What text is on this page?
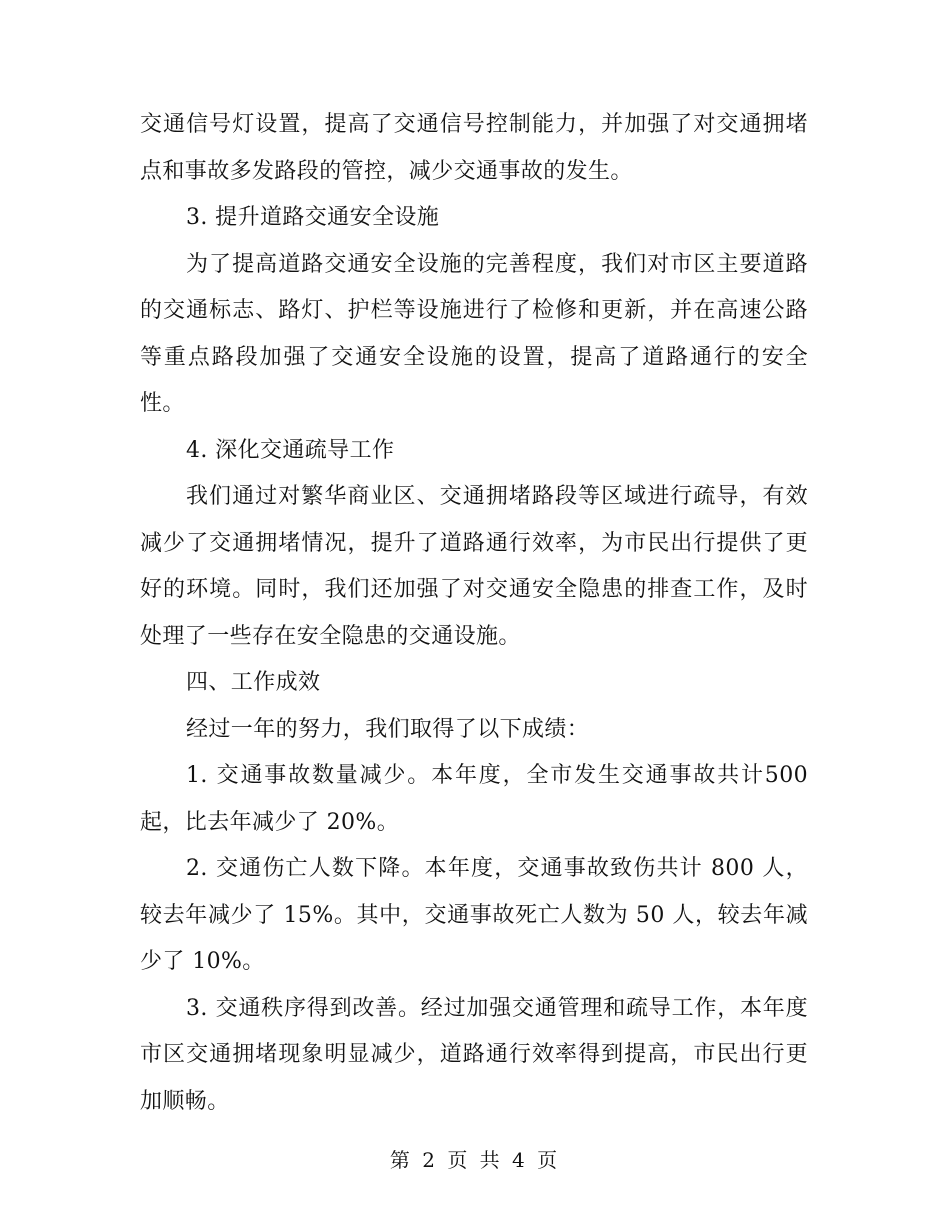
交通信号灯设置，提高了交通信号控制能力，并加强了对交通拥堵点和事故多发路段的管控，减少交通事故的发生。

3. 提升道路交通安全设施

为了提高道路交通安全设施的完善程度，我们对市区主要道路的交通标志、路灯、护栏等设施进行了检修和更新，并在高速公路等重点路段加强了交通安全设施的设置，提高了道路通行的安全性。

4. 深化交通疏导工作

我们通过对繁华商业区、交通拥堵路段等区域进行疏导，有效减少了交通拥堵情况，提升了道路通行效率，为市民出行提供了更好的环境。同时，我们还加强了对交通安全隐患的排查工作，及时处理了一些存在安全隐患的交通设施。

四、工作成效

经过一年的努力，我们取得了以下成绩：

1. 交通事故数量减少。本年度，全市发生交通事故共计500起，比去年减少了 20%。

2. 交通伤亡人数下降。本年度，交通事故致伤共计 800 人，较去年减少了 15%。其中，交通事故死亡人数为 50 人，较去年减少了 10%。

3. 交通秩序得到改善。经过加强交通管理和疏导工作，本年度市区交通拥堵现象明显减少，道路通行效率得到提高，市民出行更加顺畅。

第 2 页 共 4 页
